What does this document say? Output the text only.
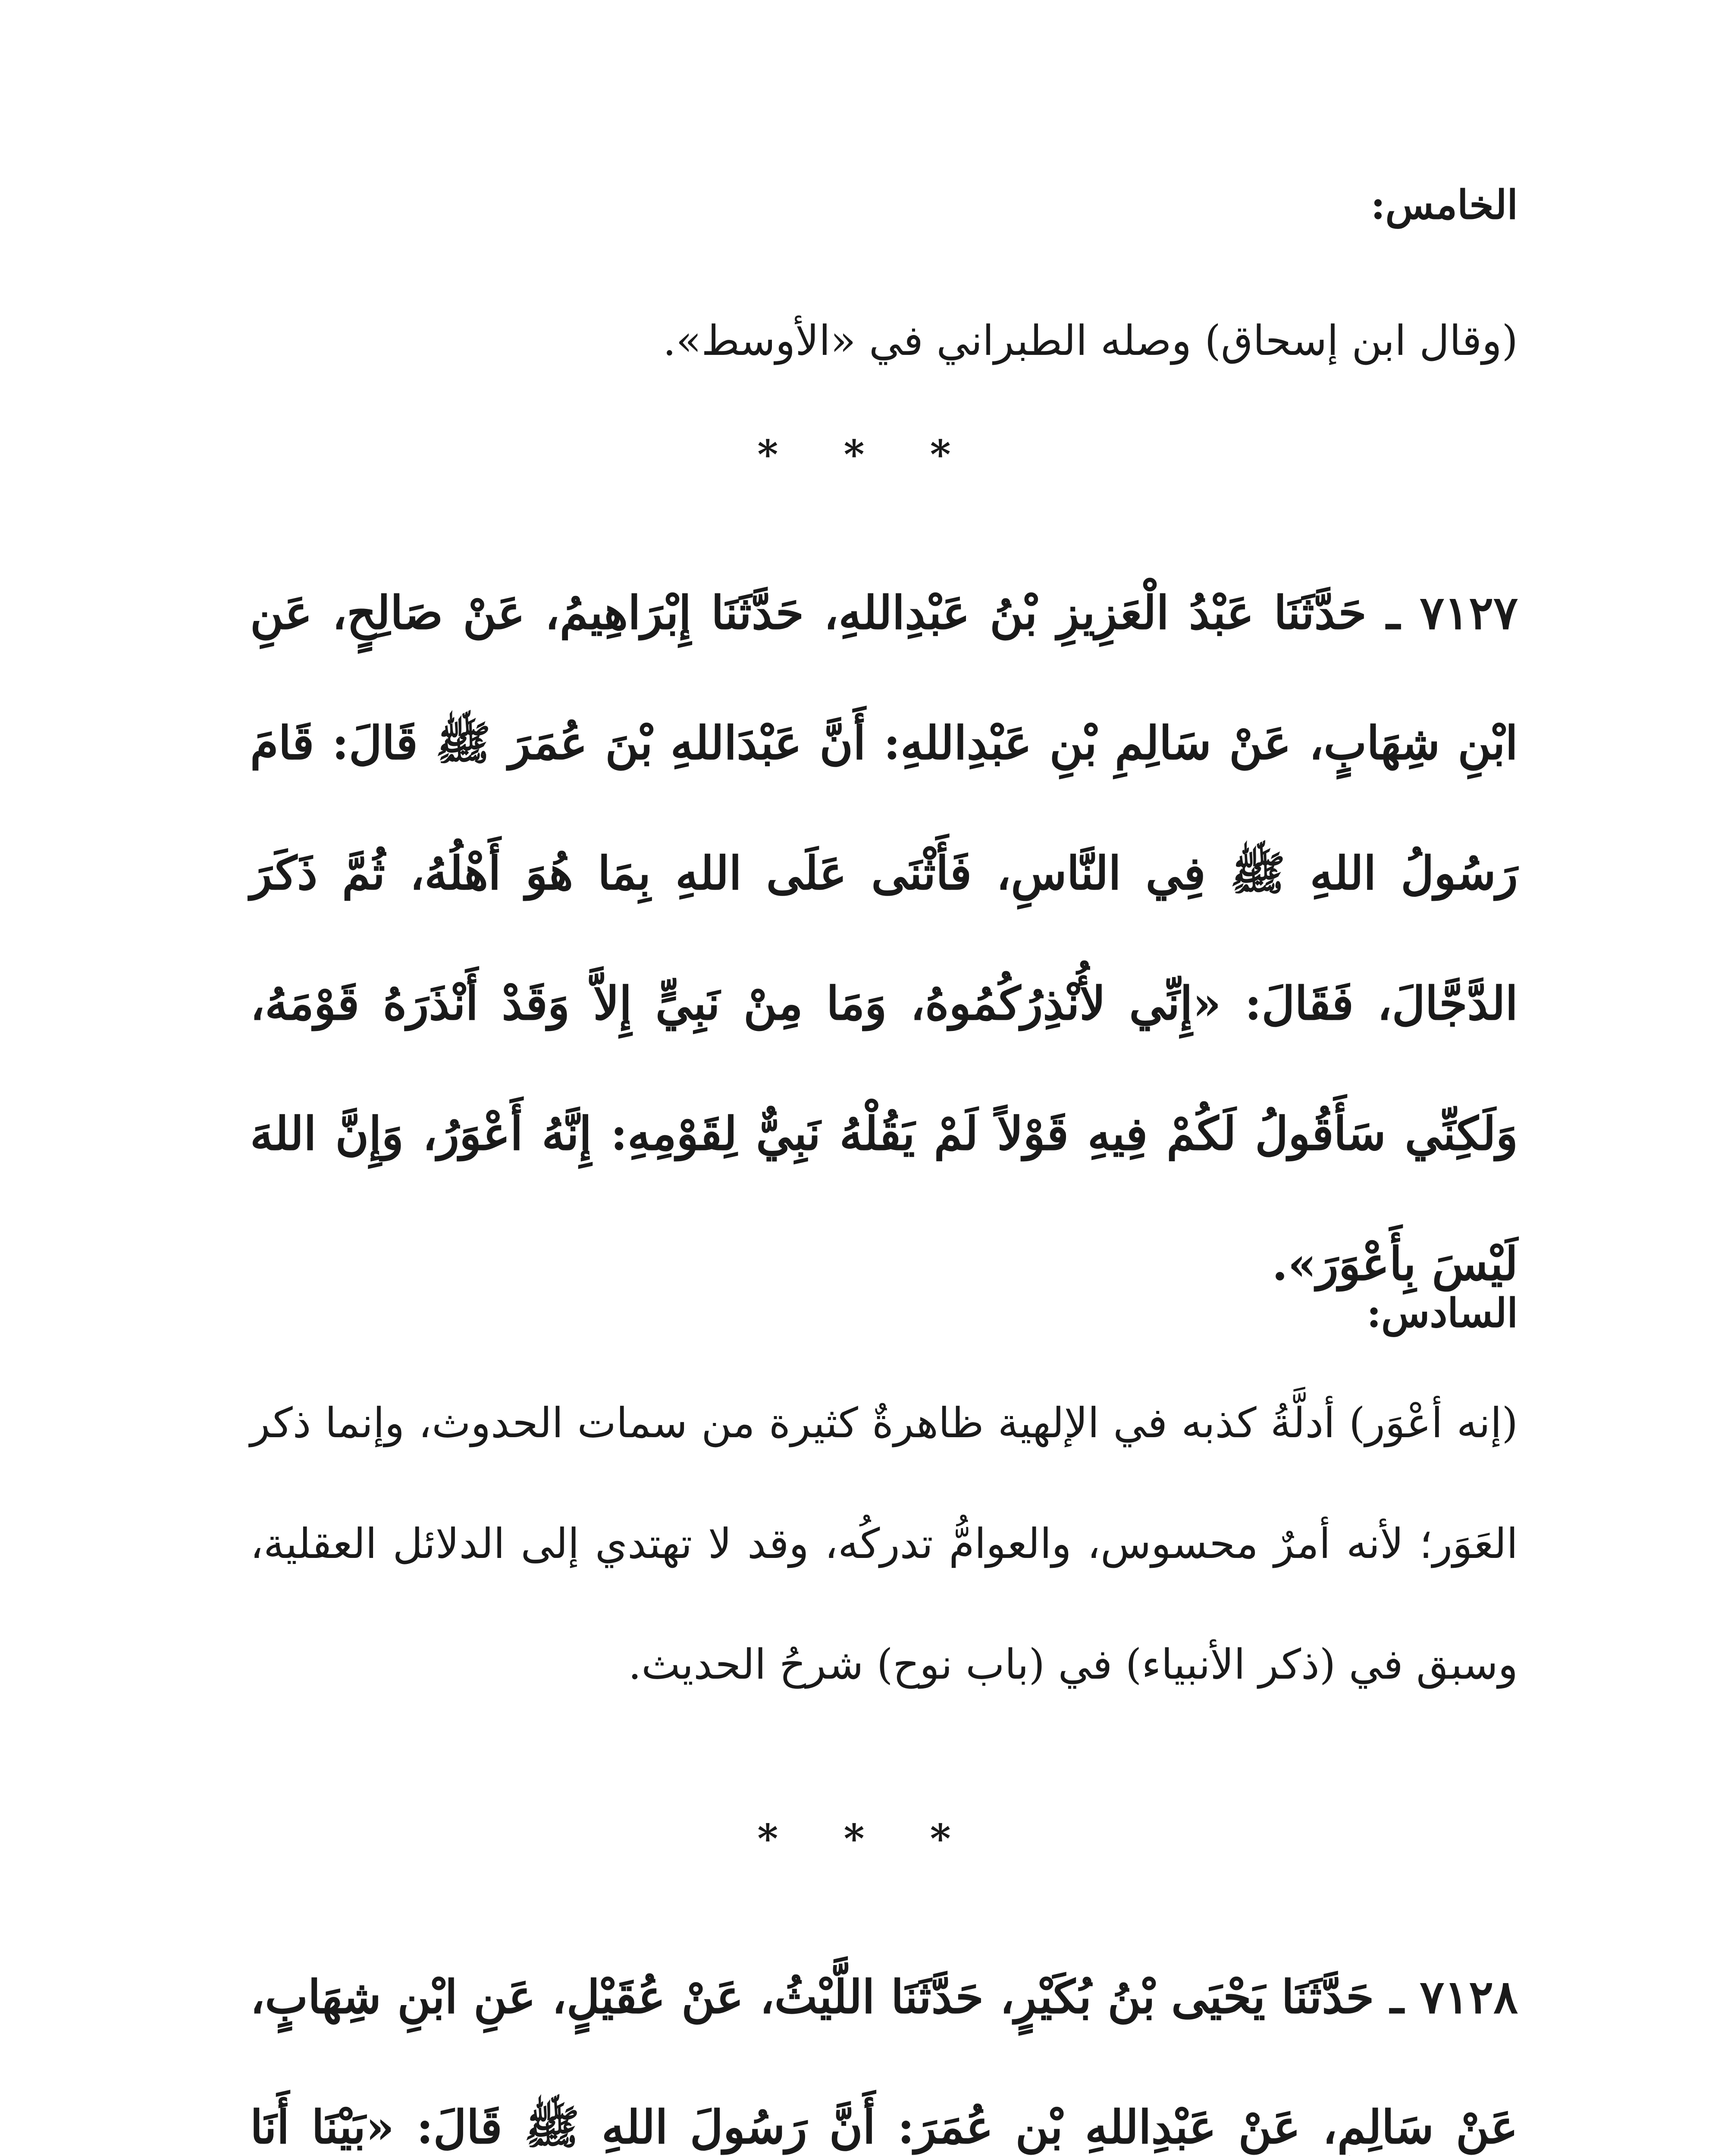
الخامس:

(وقال ابن إسحاق) وصله الطبراني في «الأوسط».

* * *

٧١٢٧ ـ حَدَّثَنَا عَبْدُ الْعَزِيزِ بْنُ عَبْدِاللهِ، حَدَّثَنَا إِبْرَاهِيمُ، عَنْ صَالِحٍ، عَنِ ابْنِ شِهَابٍ، عَنْ سَالِمِ بْنِ عَبْدِاللهِ: أَنَّ عَبْدَاللهِ بْنَ عُمَرَ ﷺ قَالَ: قَامَ رَسُولُ اللهِ ﷺ فِي النَّاسِ، فَأَثْنَى عَلَى اللهِ بِمَا هُوَ أَهْلُهُ، ثُمَّ ذَكَرَ الدَّجَّالَ، فَقَالَ: «إِنِّي لأُنْذِرُكُمُوهُ، وَمَا مِنْ نَبِيٍّ إِلاَّ وَقَدْ أَنْذَرَهُ قَوْمَهُ، وَلَكِنِّي سَأَقُولُ لَكُمْ فِيهِ قَوْلاً لَمْ يَقُلْهُ نَبِيٌّ لِقَوْمِهِ: إِنَّهُ أَعْوَرُ، وَإِنَّ اللهَ لَيْسَ بِأَعْوَرَ».

السادس:

(إنه أعْوَر) أدلَّةُ كذبه في الإلهية ظاهرةٌ كثيرة من سمات الحدوث، وإنما ذكر العَوَر؛ لأنه أمرٌ محسوس، والعوامُّ تدركُه، وقد لا تهتدي إلى الدلائل العقلية، وسبق في (ذكر الأنبياء) في (باب نوح) شرحُ الحديث.

* * *

٧١٢٨ ـ حَدَّثَنَا يَحْيَى بْنُ بُكَيْرٍ، حَدَّثَنَا اللَّيْثُ، عَنْ عُقَيْلٍ، عَنِ ابْنِ شِهَابٍ، عَنْ سَالِمٍ، عَنْ عَبْدِاللهِ بْنِ عُمَرَ: أَنَّ رَسُولَ اللهِ ﷺ قَالَ: «بَيْنَا أَنَا
